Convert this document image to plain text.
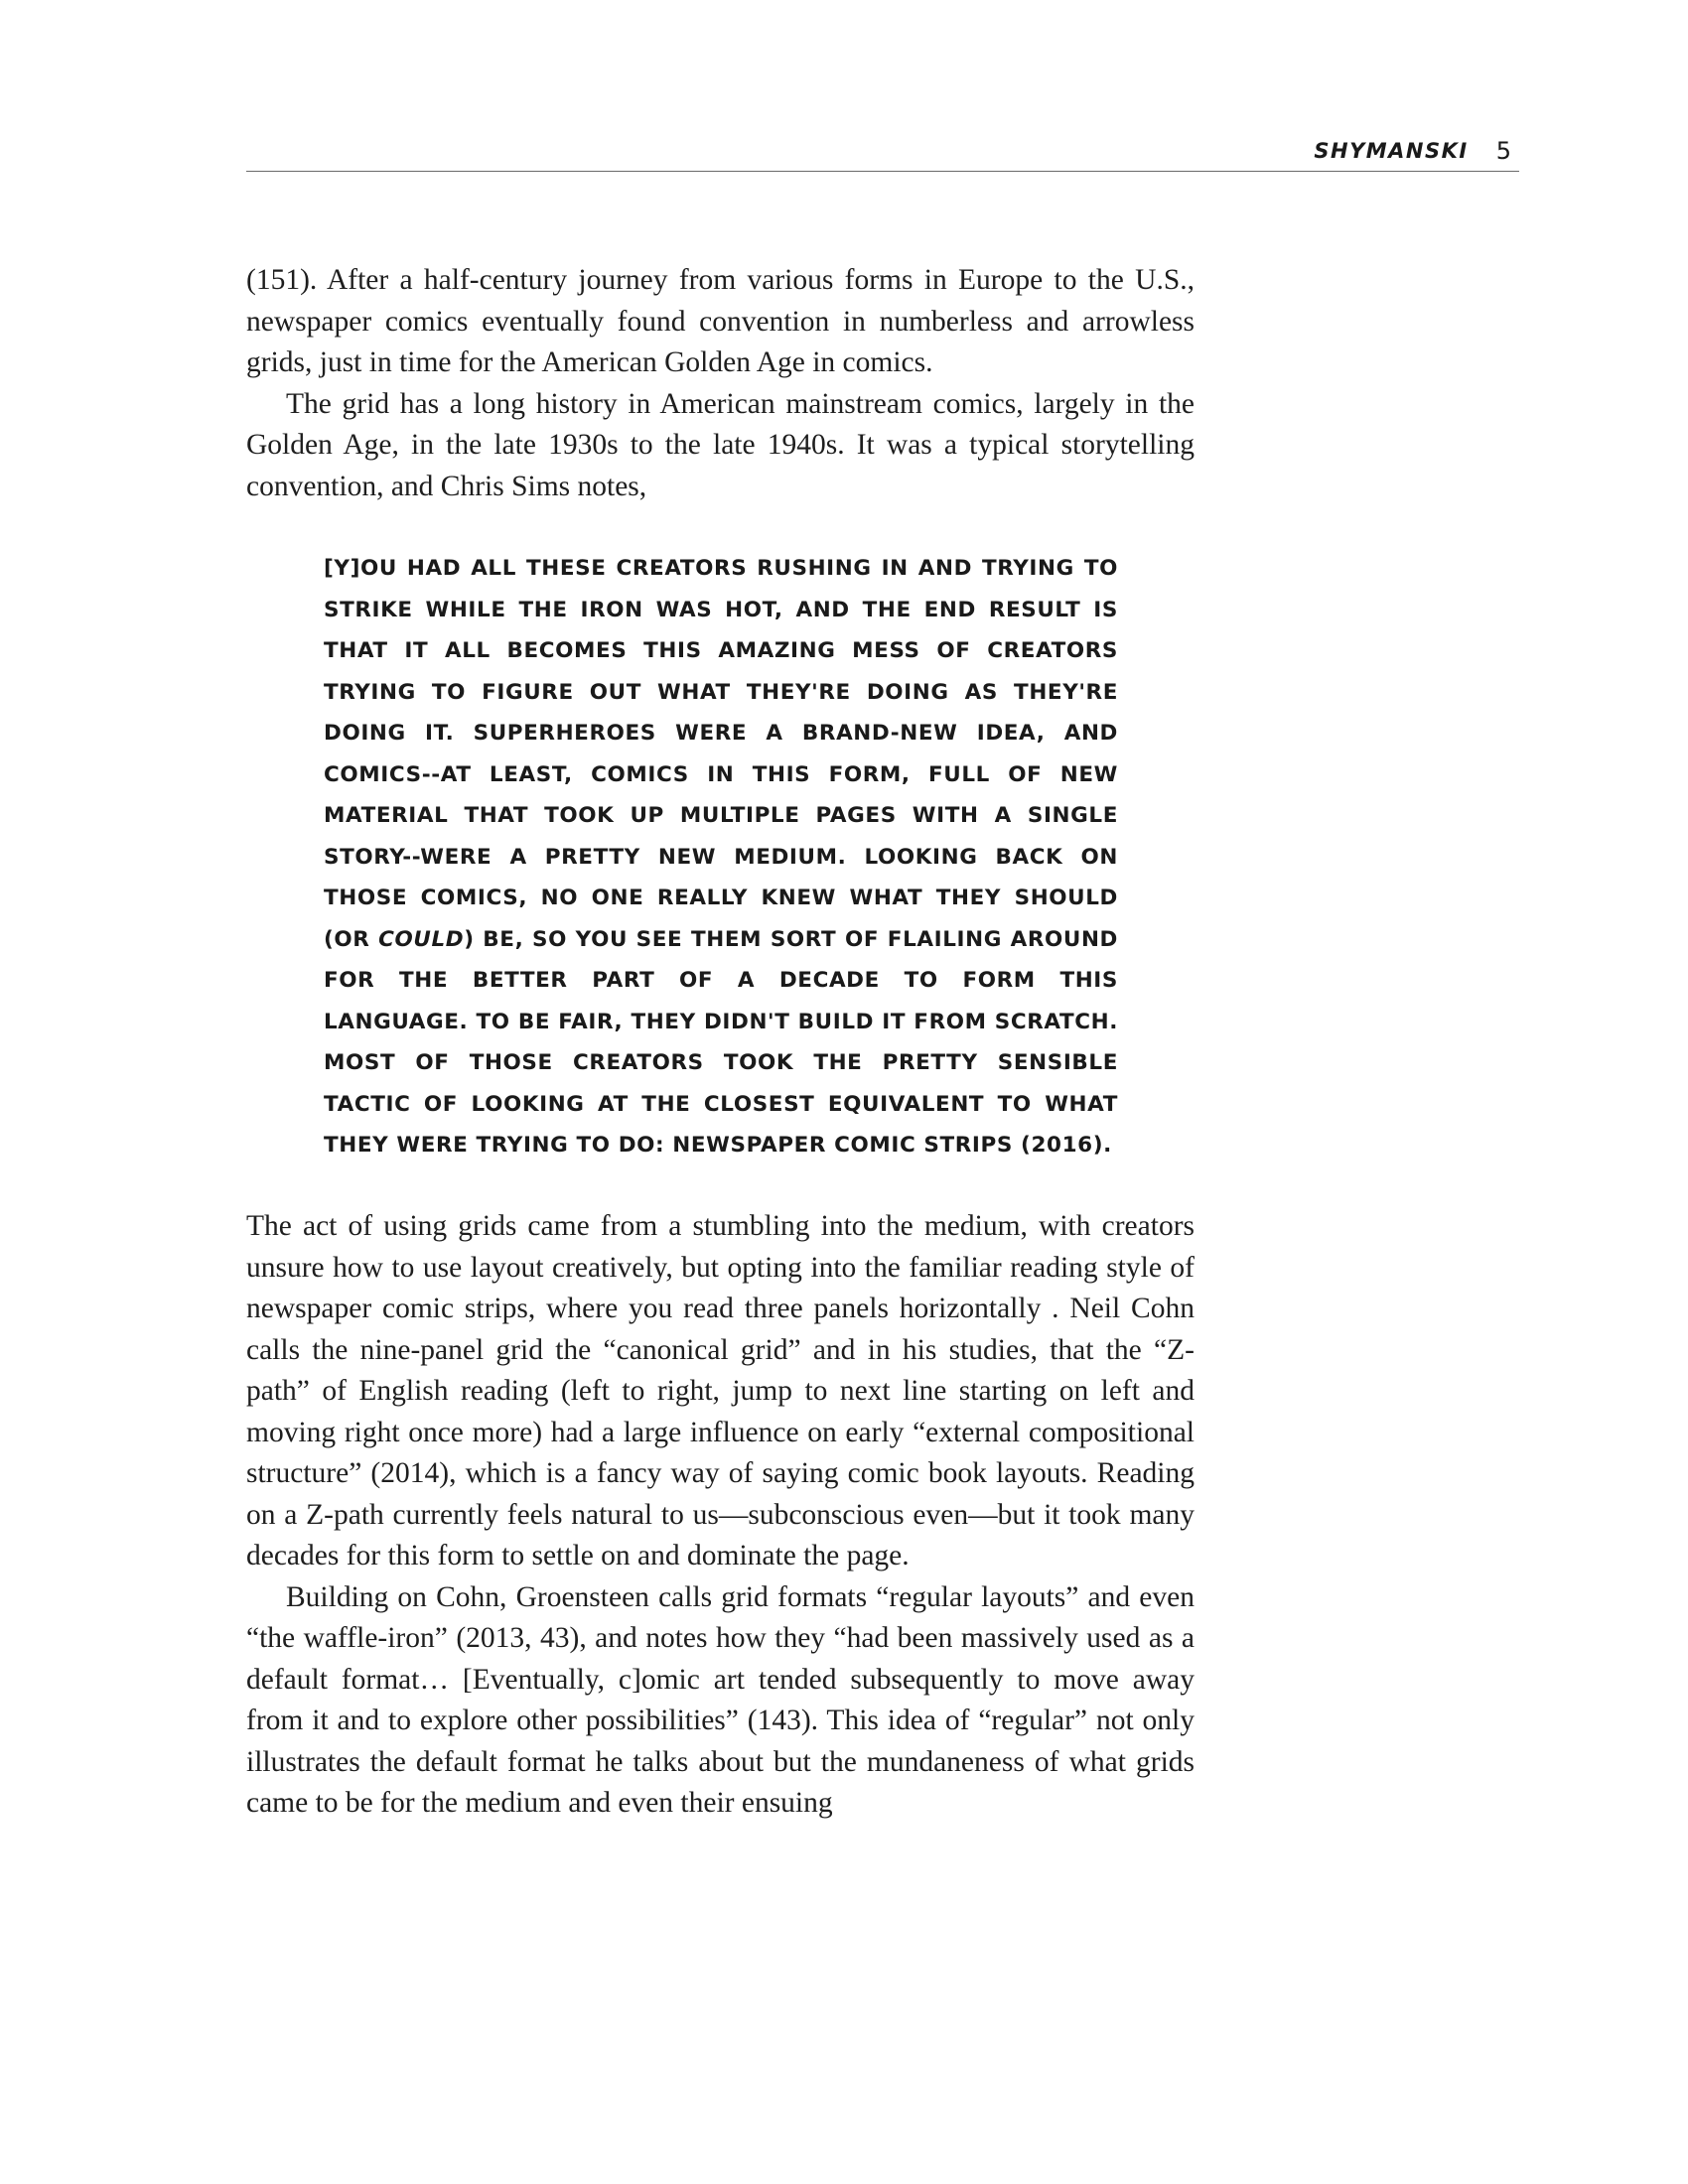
SHYMANSKI 5

(151). After a half-century journey from various forms in Europe to the U.S., newspaper comics eventually found convention in numberless and arrowless grids, just in time for the American Golden Age in comics.

The grid has a long history in American mainstream comics, largely in the Golden Age, in the late 1930s to the late 1940s. It was a typical storytelling convention, and Chris Sims notes,

[Y]OU HAD ALL THESE CREATORS RUSHING IN AND TRYING TO STRIKE WHILE THE IRON WAS HOT, AND THE END RESULT IS THAT IT ALL BECOMES THIS AMAZING MESS OF CREATORS TRYING TO FIGURE OUT WHAT THEY'RE DOING AS THEY'RE DOING IT. SUPERHEROES WERE A BRAND-NEW IDEA, AND COMICS--AT LEAST, COMICS IN THIS FORM, FULL OF NEW MATERIAL THAT TOOK UP MULTIPLE PAGES WITH A SINGLE STORY--WERE A PRETTY NEW MEDIUM. LOOKING BACK ON THOSE COMICS, NO ONE REALLY KNEW WHAT THEY SHOULD (OR COULD) BE, SO YOU SEE THEM SORT OF FLAILING AROUND FOR THE BETTER PART OF A DECADE TO FORM THIS LANGUAGE. TO BE FAIR, THEY DIDN'T BUILD IT FROM SCRATCH. MOST OF THOSE CREATORS TOOK THE PRETTY SENSIBLE TACTIC OF LOOKING AT THE CLOSEST EQUIVALENT TO WHAT THEY WERE TRYING TO DO: NEWSPAPER COMIC STRIPS (2016).

The act of using grids came from a stumbling into the medium, with creators unsure how to use layout creatively, but opting into the familiar reading style of newspaper comic strips, where you read three panels horizontally . Neil Cohn calls the nine-panel grid the “canonical grid” and in his studies, that the “Z-path” of English reading (left to right, jump to next line starting on left and moving right once more) had a large influence on early “external compositional structure” (2014), which is a fancy way of saying comic book layouts. Reading on a Z-path currently feels natural to us—subconscious even—but it took many decades for this form to settle on and dominate the page.

Building on Cohn, Groensteen calls grid formats “regular layouts” and even “the waffle-iron” (2013, 43), and notes how they “had been massively used as a default format… [Eventually, c]omic art tended subsequently to move away from it and to explore other possibilities” (143). This idea of “regular” not only illustrates the default format he talks about but the mundaneness of what grids came to be for the medium and even their ensuing
